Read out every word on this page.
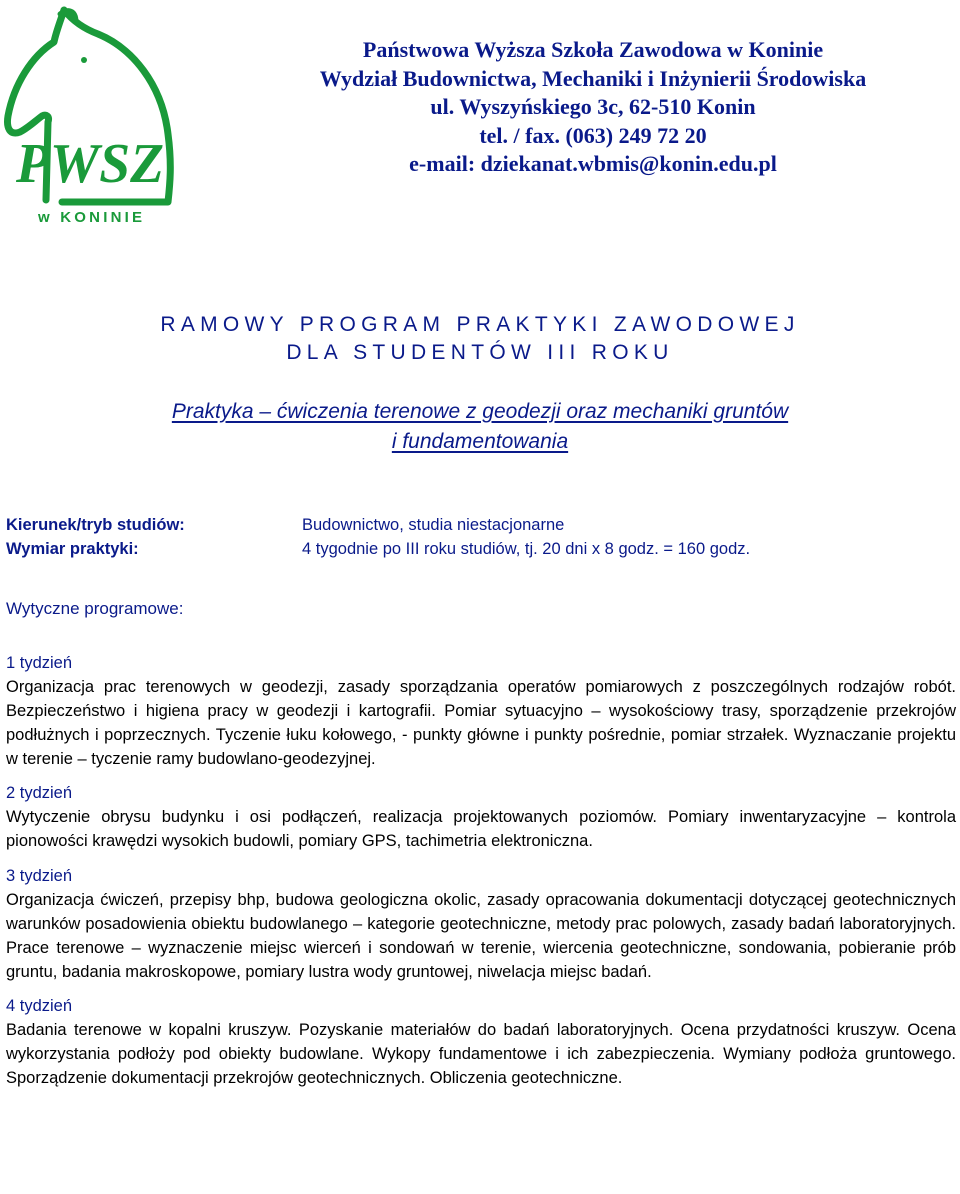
PWSZ
w KONINIE
Państwowa Wyższa Szkoła Zawodowa w Koninie
Wydział Budownictwa, Mechaniki i Inżynierii Środowiska
ul. Wyszyńskiego 3c, 62-510 Konin
tel. / fax. (063) 249 72 20
e-mail: dziekanat.wbmis@konin.edu.pl
RAMOWY PROGRAM PRAKTYKI ZAWODOWEJ
DLA STUDENTÓW III ROKU
Praktyka – ćwiczenia terenowe z geodezji oraz mechaniki gruntów
i fundamentowania
Kierunek/tryb studiów:	Budownictwo, studia niestacjonarne
Wymiar praktyki:	4 tygodnie po III roku studiów, tj. 20 dni x 8 godz. = 160 godz.
Wytyczne programowe:
1 tydzień
Organizacja prac terenowych w geodezji, zasady sporządzania operatów pomiarowych z poszczególnych rodzajów robót. Bezpieczeństwo i higiena pracy w geodezji i kartografii. Pomiar sytuacyjno – wysokościowy trasy, sporządzenie przekrojów podłużnych i poprzecznych. Tyczenie łuku kołowego, - punkty główne i punkty pośrednie, pomiar strzałek. Wyznaczanie projektu w terenie – tyczenie ramy budowlano-geodezyjnej.
2 tydzień
Wytyczenie obrysu budynku i osi podłączeń, realizacja projektowanych poziomów. Pomiary inwentaryzacyjne – kontrola pionowości krawędzi wysokich budowli, pomiary GPS, tachimetria elektroniczna.
3 tydzień
Organizacja ćwiczeń, przepisy bhp, budowa geologiczna okolic, zasady opracowania dokumentacji dotyczącej geotechnicznych warunków posadowienia obiektu budowlanego – kategorie geotechniczne, metody prac polowych, zasady badań laboratoryjnych. Prace terenowe – wyznaczenie miejsc wierceń i sondowań w terenie, wiercenia geotechniczne, sondowania, pobieranie prób gruntu, badania makroskopowe, pomiary lustra wody gruntowej, niwelacja miejsc badań.
4 tydzień
Badania terenowe w kopalni kruszyw. Pozyskanie materiałów do badań laboratoryjnych. Ocena przydatności kruszyw. Ocena wykorzystania podłoży pod obiekty budowlane. Wykopy fundamentowe i ich zabezpieczenia. Wymiany podłoża gruntowego. Sporządzenie dokumentacji przekrojów geotechnicznych. Obliczenia geotechniczne.
